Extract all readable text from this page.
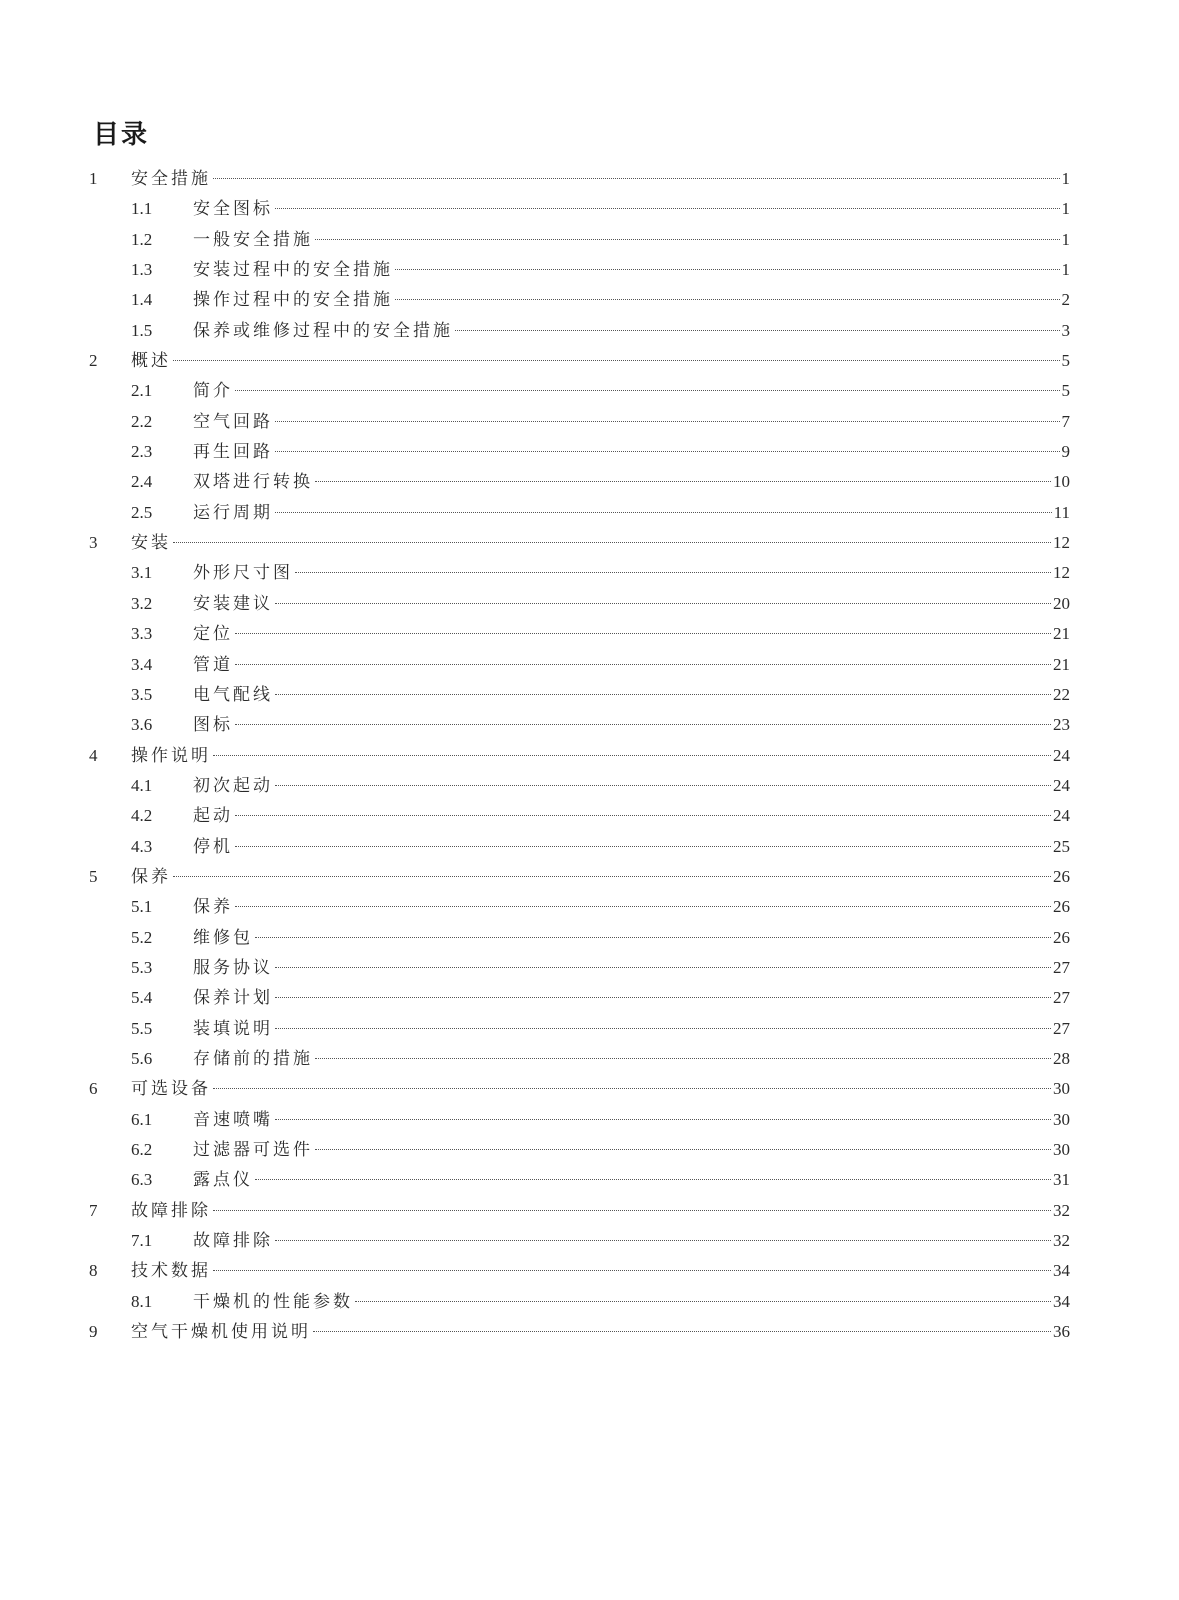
目录
1 安全措施	1
1.1 安全图标	1
1.2 一般安全措施	1
1.3 安装过程中的安全措施	1
1.4 操作过程中的安全措施	2
1.5 保养或维修过程中的安全措施	3
2 概述	5
2.1 简介	5
2.2 空气回路	7
2.3 再生回路	9
2.4 双塔进行转换	10
2.5 运行周期	11
3 安装	12
3.1 外形尺寸图	12
3.2 安装建议	20
3.3 定位	21
3.4 管道	21
3.5 电气配线	22
3.6 图标	23
4 操作说明	24
4.1 初次起动	24
4.2 起动	24
4.3 停机	25
5 保养	26
5.1 保养	26
5.2 维修包	26
5.3 服务协议	27
5.4 保养计划	27
5.5 装填说明	27
5.6 存储前的措施	28
6 可选设备	30
6.1 音速喷嘴	30
6.2 过滤器可选件	30
6.3 露点仪	31
7 故障排除	32
7.1 故障排除	32
8 技术数据	34
8.1 干燥机的性能参数	34
9 空气干燥机使用说明	36
